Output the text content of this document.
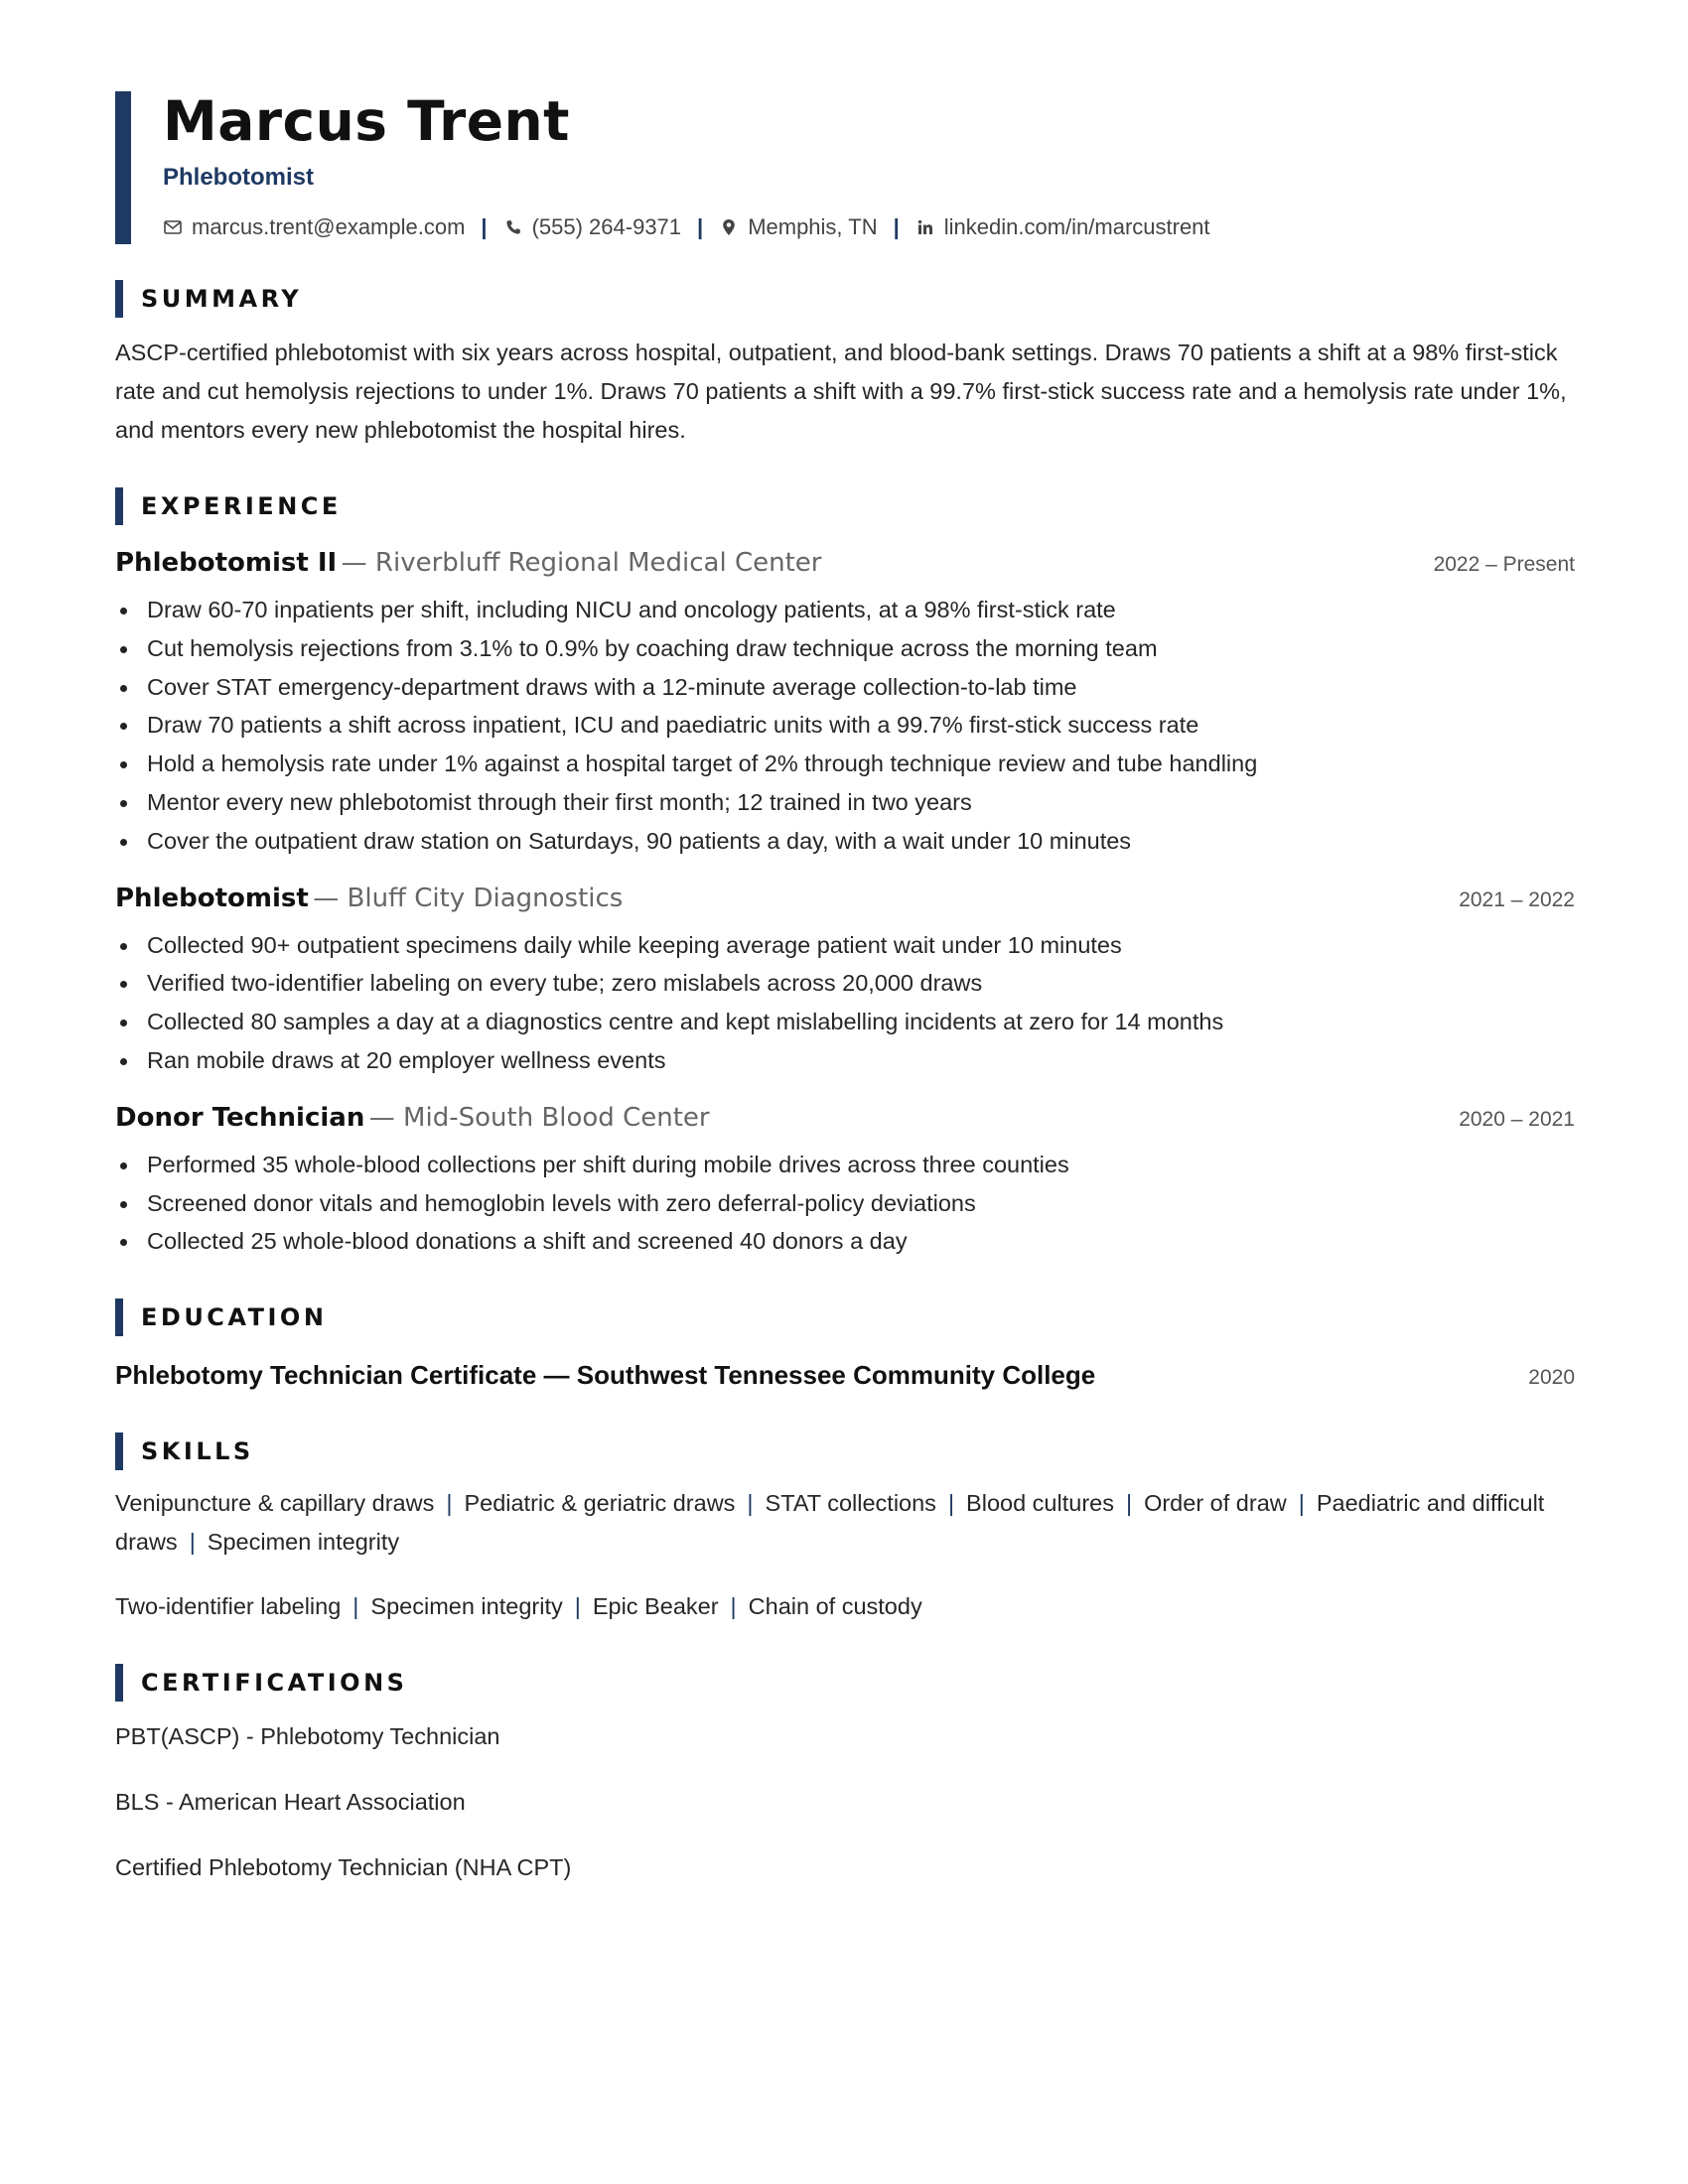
Marcus Trent
Phlebotomist
marcus.trent@example.com | (555) 264-9371 | Memphis, TN | linkedin.com/in/marcustrent
SUMMARY
ASCP-certified phlebotomist with six years across hospital, outpatient, and blood-bank settings. Draws 70 patients a shift at a 98% first-stick rate and cut hemolysis rejections to under 1%. Draws 70 patients a shift with a 99.7% first-stick success rate and a hemolysis rate under 1%, and mentors every new phlebotomist the hospital hires.
EXPERIENCE
Phlebotomist II — Riverbluff Regional Medical Center	2022 – Present
Draw 60-70 inpatients per shift, including NICU and oncology patients, at a 98% first-stick rate
Cut hemolysis rejections from 3.1% to 0.9% by coaching draw technique across the morning team
Cover STAT emergency-department draws with a 12-minute average collection-to-lab time
Draw 70 patients a shift across inpatient, ICU and paediatric units with a 99.7% first-stick success rate
Hold a hemolysis rate under 1% against a hospital target of 2% through technique review and tube handling
Mentor every new phlebotomist through their first month; 12 trained in two years
Cover the outpatient draw station on Saturdays, 90 patients a day, with a wait under 10 minutes
Phlebotomist — Bluff City Diagnostics	2021 – 2022
Collected 90+ outpatient specimens daily while keeping average patient wait under 10 minutes
Verified two-identifier labeling on every tube; zero mislabels across 20,000 draws
Collected 80 samples a day at a diagnostics centre and kept mislabelling incidents at zero for 14 months
Ran mobile draws at 20 employer wellness events
Donor Technician — Mid-South Blood Center	2020 – 2021
Performed 35 whole-blood collections per shift during mobile drives across three counties
Screened donor vitals and hemoglobin levels with zero deferral-policy deviations
Collected 25 whole-blood donations a shift and screened 40 donors a day
EDUCATION
Phlebotomy Technician Certificate — Southwest Tennessee Community College	2020
SKILLS
Venipuncture & capillary draws | Pediatric & geriatric draws | STAT collections | Blood cultures | Order of draw | Paediatric and difficult draws | Specimen integrity
Two-identifier labeling | Specimen integrity | Epic Beaker | Chain of custody
CERTIFICATIONS
PBT(ASCP) - Phlebotomy Technician
BLS - American Heart Association
Certified Phlebotomy Technician (NHA CPT)
